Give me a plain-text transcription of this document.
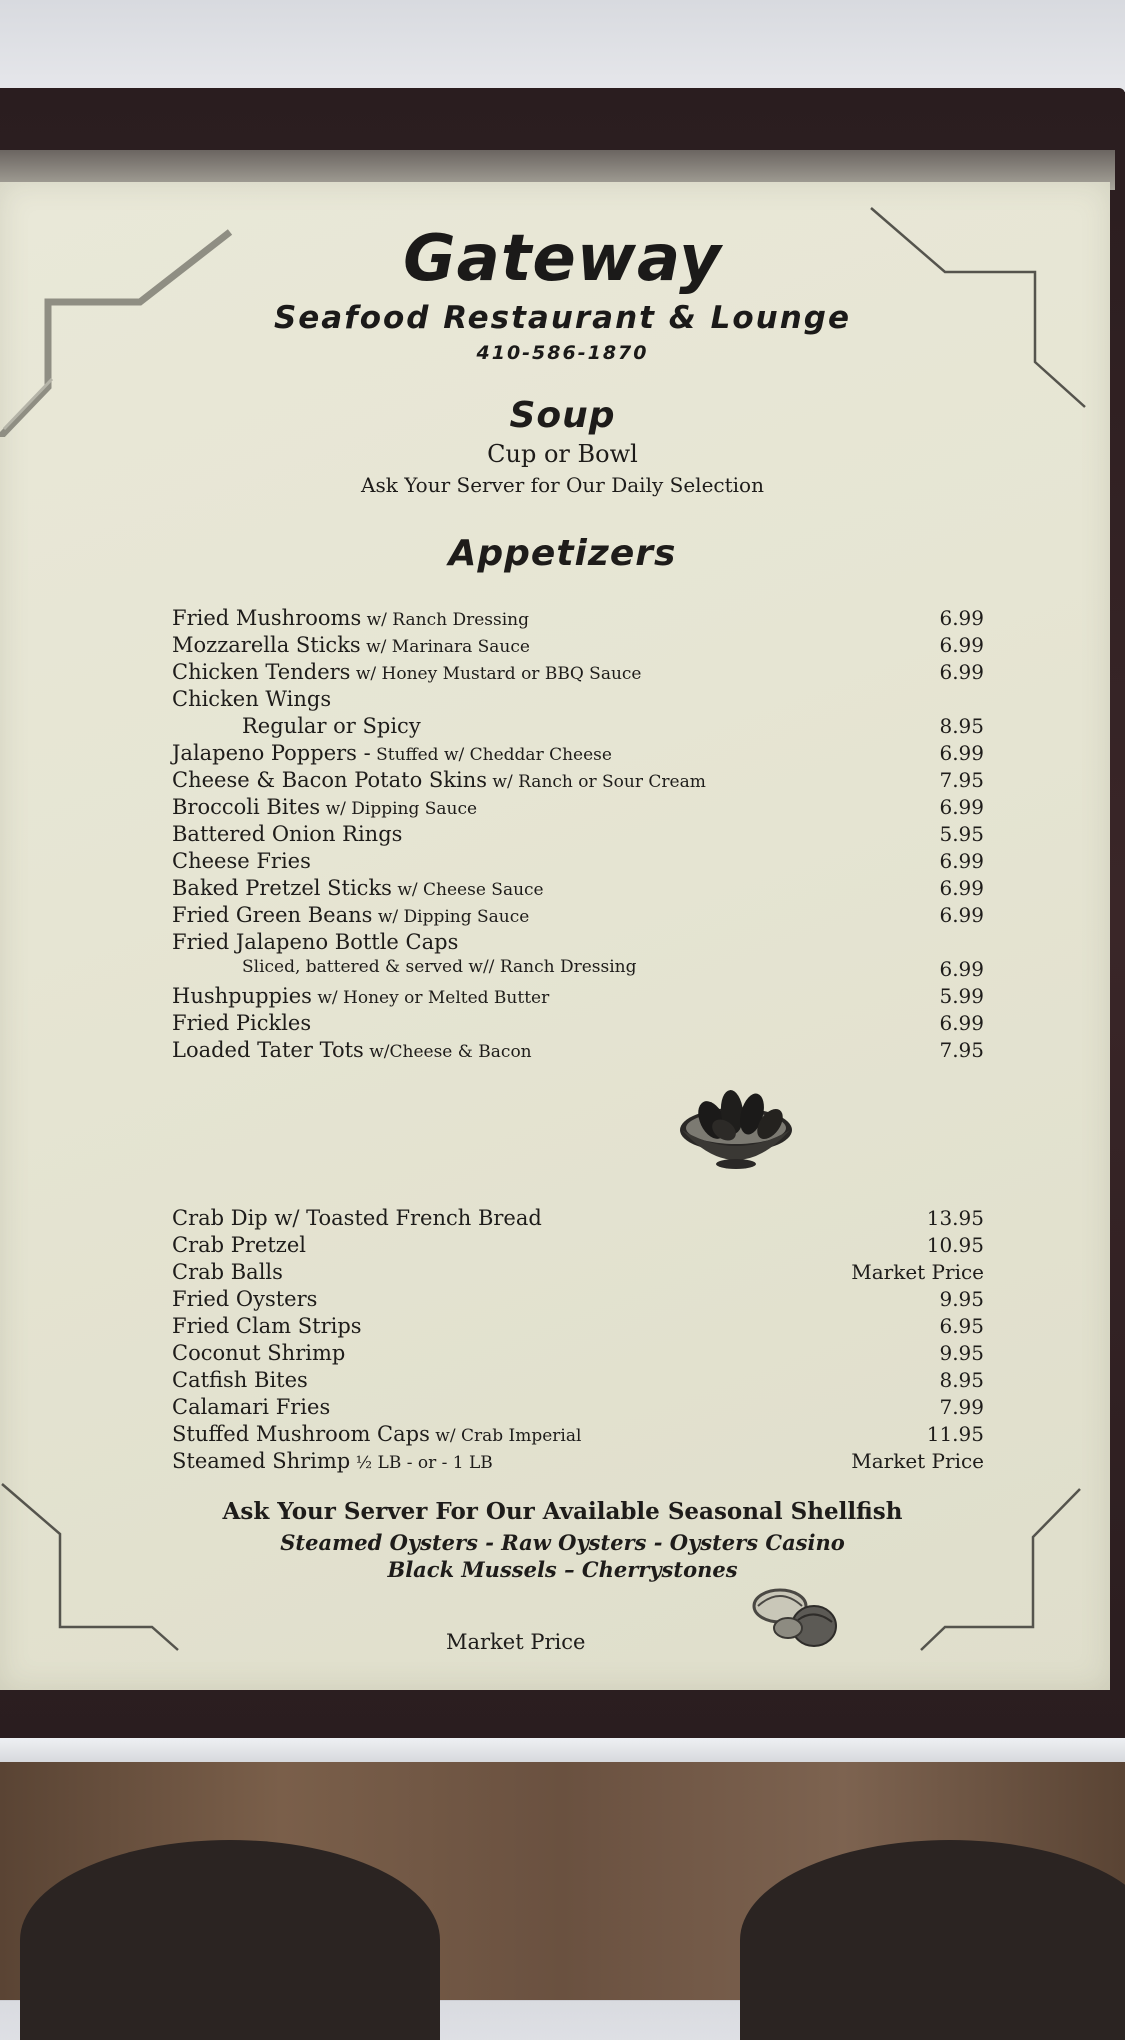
Gateway
Seafood Restaurant & Lounge
410-586-1870
Soup
Cup or Bowl
Ask Your Server for Our Daily Selection
Appetizers
Fried Mushrooms w/ Ranch Dressing	6.99
Mozzarella Sticks w/ Marinara Sauce	6.99
Chicken Tenders w/ Honey Mustard or BBQ Sauce	6.99
Chicken Wings
Regular or Spicy	8.95
Jalapeno Poppers - Stuffed w/ Cheddar Cheese	6.99
Cheese & Bacon Potato Skins w/ Ranch or Sour Cream	7.95
Broccoli Bites w/ Dipping Sauce	6.99
Battered Onion Rings	5.95
Cheese Fries	6.99
Baked Pretzel Sticks w/ Cheese Sauce	6.99
Fried Green Beans w/ Dipping Sauce	6.99
Fried Jalapeno Bottle Caps
Sliced, battered & served w// Ranch Dressing	6.99
Hushpuppies w/ Honey or Melted Butter	5.99
Fried Pickles	6.99
Loaded Tater Tots w/Cheese & Bacon	7.95
Crab Dip w/ Toasted French Bread	13.95
Crab Pretzel	10.95
Crab Balls	Market Price
Fried Oysters	9.95
Fried Clam Strips	6.95
Coconut Shrimp	9.95
Catfish Bites	8.95
Calamari Fries	7.99
Stuffed Mushroom Caps w/ Crab Imperial	11.95
Steamed Shrimp ½ LB - or - 1 LB	Market Price
Ask Your Server For Our Available Seasonal Shellfish
Steamed Oysters - Raw Oysters - Oysters Casino
Black Mussels – Cherrystones
Market Price
